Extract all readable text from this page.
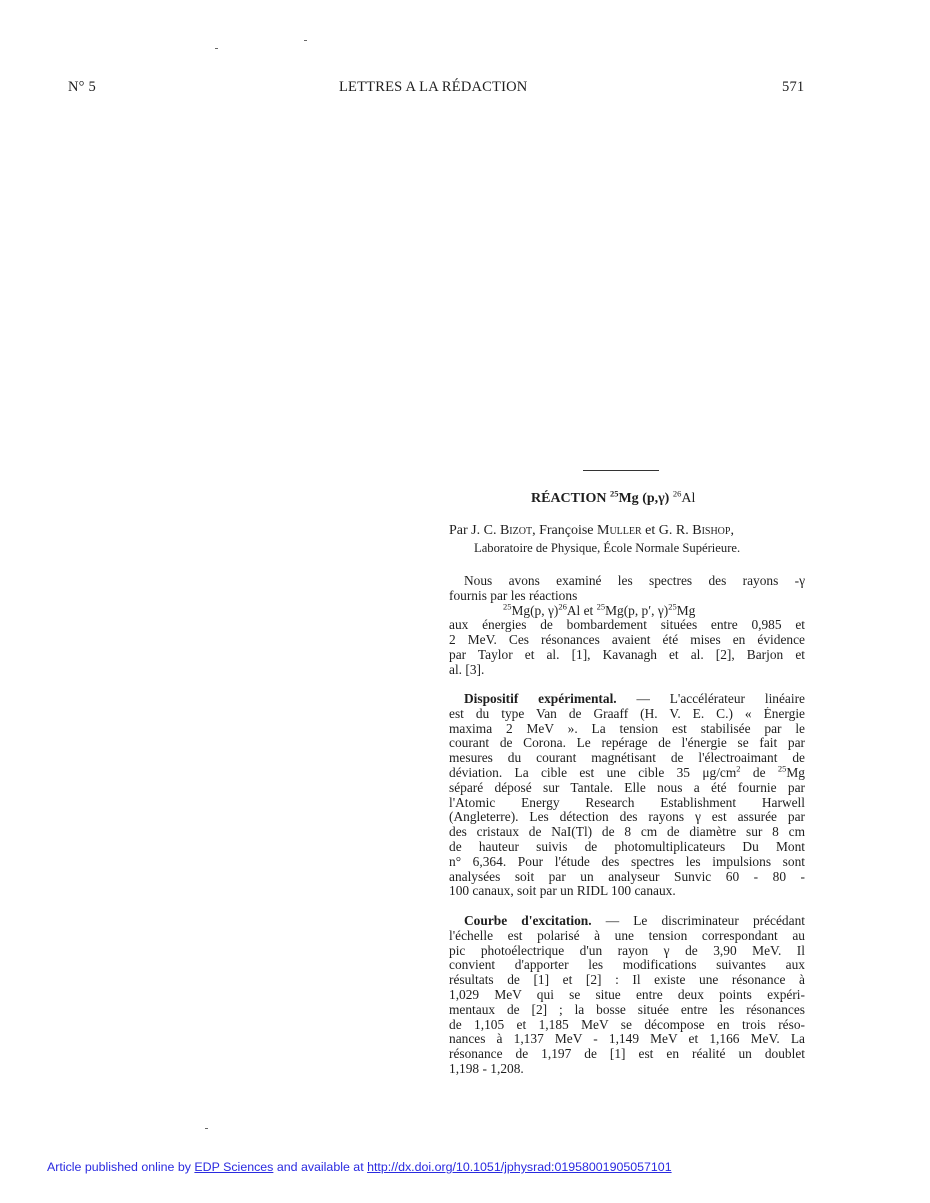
N° 5	LETTRES A LA RÉDACTION	571
RÉACTION $^{25}$Mg (p,γ) $^{26}$Al
Par J. C. Bizot, Françoise Muller et G. R. Bishop,
Laboratoire de Physique, École Normale Supérieure.
Nous avons examiné les spectres des rayons -γ
fournis par les réactions
$^{25}$Mg(p, γ)$^{26}$Al et $^{25}$Mg(p, p′, γ)$^{25}$Mg
aux énergies de bombardement situées entre 0,985 et
2 MeV. Ces résonances avaient été mises en évidence
par Taylor et al. [1], Kavanagh et al. [2], Barjon et
al. [3].
Dispositif expérimental. — L'accélérateur linéaire
est du type Van de Graaff (H. V. E. C.) « Énergie
maxima 2 MeV ». La tension est stabilisée par le
courant de Corona. Le repérage de l'énergie se fait par
mesures du courant magnétisant de l'électroaimant de
déviation. La cible est une cible 35 $\mu g/cm^2$ de $^{25}$Mg
séparé déposé sur Tantale. Elle nous a été fournie par
l'Atomic Energy Research Establishment Harwell
(Angleterre). Les détection des rayons γ est assurée par
des cristaux de NaI(Tl) de 8 cm de diamètre sur 8 cm
de hauteur suivis de photomultiplicateurs Du Mont
n° 6,364. Pour l'étude des spectres les impulsions sont
analysées soit par un analyseur Sunvic 60 - 80 -
100 canaux, soit par un RIDL 100 canaux.
Courbe d'excitation. — Le discriminateur précédant
l'échelle est polarisé à une tension correspondant au
pic photoélectrique d'un rayon γ de 3,90 MeV. Il
convient d'apporter les modifications suivantes aux
résultats de [1] et [2] : Il existe une résonance à
1,029 MeV qui se situe entre deux points expéri-
mentaux de [2] ; la bosse située entre les résonances
de 1,105 et 1,185 MeV se décompose en trois réso-
nances à 1,137 MeV - 1,149 MeV et 1,166 MeV. La
résonance de 1,197 de [1] est en réalité un doublet
1,198 - 1,208.
Article published online by EDP Sciences and available at http://dx.doi.org/10.1051/jphysrad:01958001905057101
